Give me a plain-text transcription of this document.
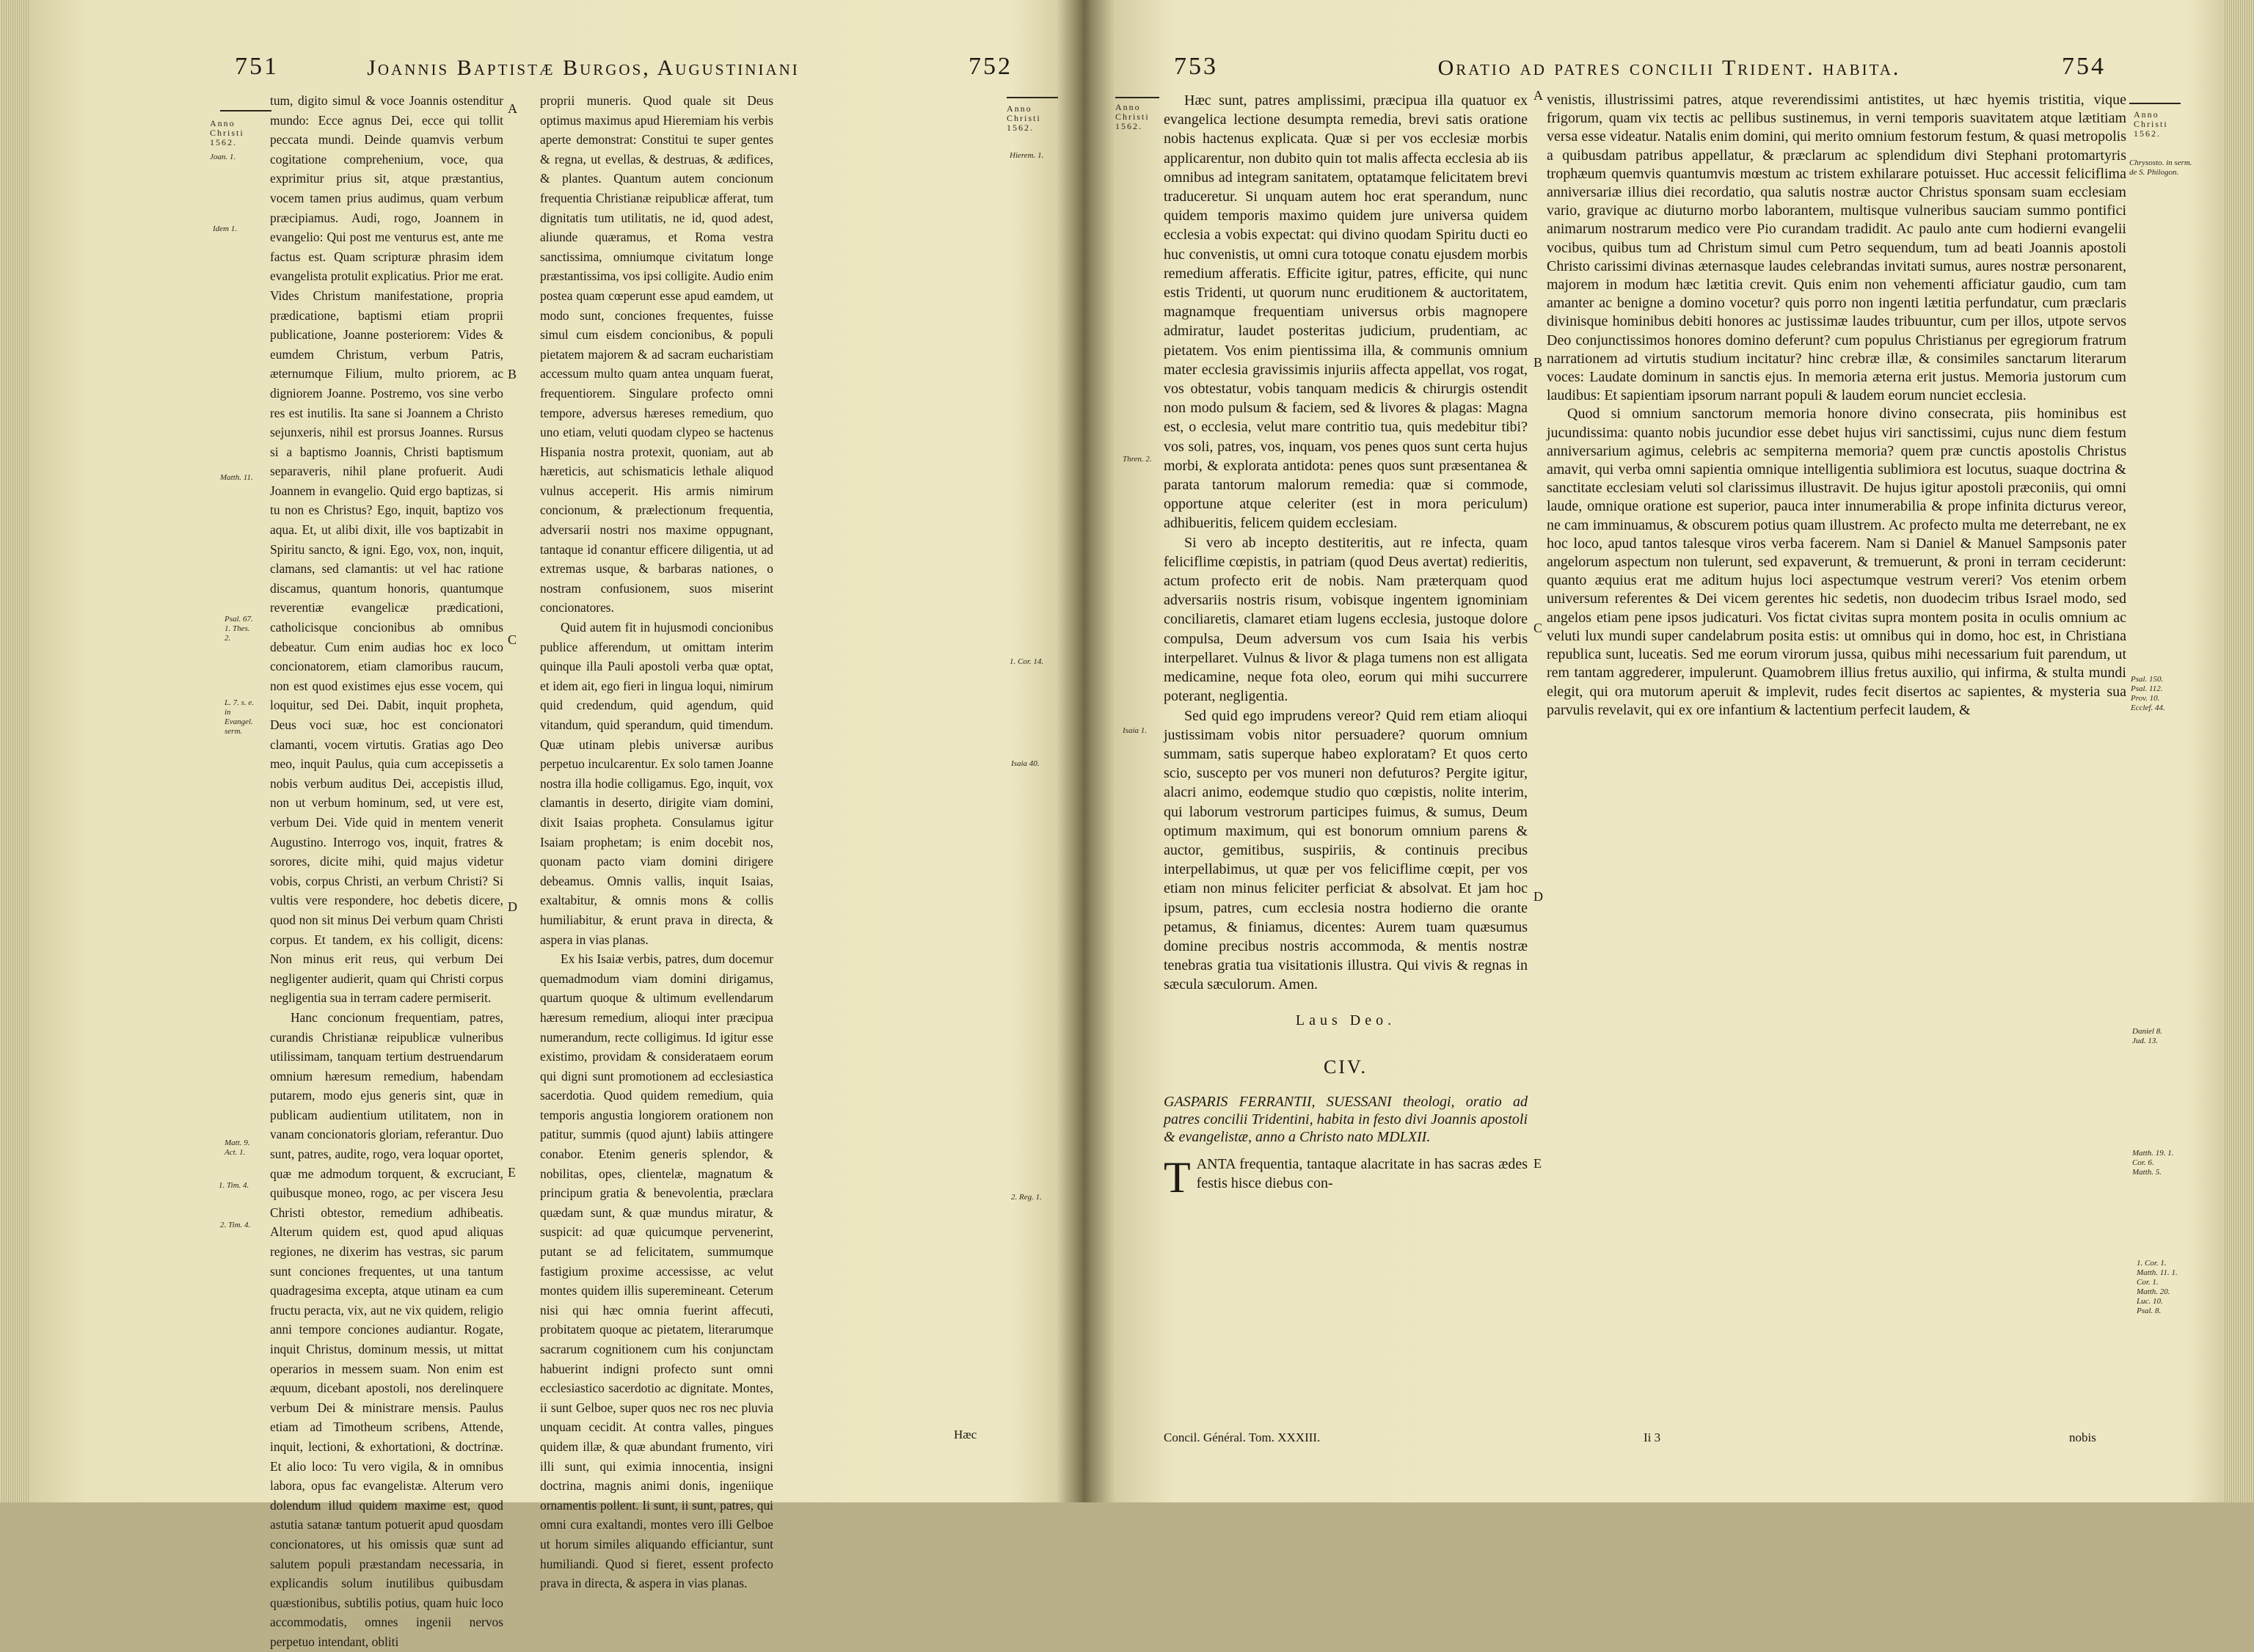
751	Joannis Baptistæ Burgos, Augustiniani	752
Anno Christi 1562.
Joan. 1.
Idem 1.
Matth. 11.
Psal. 67. 1. Thes. 2.
L. 7. s. e. in Evangel. serm.
Matt. 9. Act. 1.
1. Tim. 4.
2. Tim. 4.
Anno Christi 1562.
Hierem. 1.
1. Cor. 14.
Isaia 40.
2. Reg. 1.
A
B
C
D
E

tum, digito simul & voce Joannis ostenditur mundo: Ecce agnus Dei, ecce qui tollit peccata mundi. Deinde quamvis verbum cogitatione comprehenium, voce, qua exprimitur prius sit, atque præstantius, vocem tamen prius audimus, quam verbum præcipiamus. Audi, rogo, Joannem in evangelio: Qui post me venturus est, ante me factus est. Quam scripturæ phrasim idem evangelista protulit explicatius. Prior me erat. Vides Christum manifestatione, propria prædicatione, baptismi etiam proprii publicatione, Joanne posteriorem: Vides & eumdem Christum, verbum Patris, æternumque Filium, multo priorem, ac digniorem Joanne. Postremo, vos sine verbo res est inutilis. Ita sane si Joannem a Christo sejunxeris, nihil est prorsus Joannes. Rursus si a baptismo Joannis, Christi baptismum separaveris, nihil plane profuerit. Audi Joannem in evangelio. Quid ergo baptizas, si tu non es Christus? Ego, inquit, baptizo vos aqua. Et, ut alibi dixit, ille vos baptizabit in Spiritu sancto, & igni. Ego, vox, non, inquit, clamans, sed clamantis: ut vel hac ratione discamus, quantum honoris, quantumque reverentiæ evangelicæ prædicationi, catholicisque concionibus ab omnibus debeatur. Cum enim audias hoc ex loco concionatorem, etiam clamoribus raucum, non est quod existimes ejus esse vocem, qui loquitur, sed Dei. Dabit, inquit propheta, Deus voci suæ, hoc est concionatori clamanti, vocem virtutis. Gratias ago Deo meo, inquit Paulus, quia cum accepissetis a nobis verbum auditus Dei, accepistis illud, non ut verbum hominum, sed, ut vere est, verbum Dei. Vide quid in mentem venerit Augustino. Interrogo vos, inquit, fratres & sorores, dicite mihi, quid majus videtur vobis, corpus Christi, an verbum Christi? Si vultis vere respondere, hoc debetis dicere, quod non sit minus Dei verbum quam Christi corpus. Et tandem, ex his colligit, dicens: Non minus erit reus, qui verbum Dei negligenter audierit, quam qui Christi corpus negligentia sua in terram cadere permiserit.

Hanc concionum frequentiam, patres, curandis Christianæ reipublicæ vulneribus utilissimam, tanquam tertium destruendarum omnium hæresum remedium, habendam putarem, modo ejus generis sint, quæ in publicam audientium utilitatem, non in vanam concionatoris gloriam, referantur. Duo sunt, patres, audite, rogo, vera loquar oportet, quæ me admodum torquent, & excruciant, quibusque moneo, rogo, ac per viscera Jesu Christi obtestor, remedium adhibeatis. Alterum quidem est, quod apud aliquas regiones, ne dixerim has vestras, sic parum sunt conciones frequentes, ut una tantum quadragesima excepta, atque utinam ea cum fructu peracta, vix, aut ne vix quidem, religio anni tempore conciones audiantur. Rogate, inquit Christus, dominum messis, ut mittat operarios in messem suam. Non enim est æquum, dicebant apostoli, nos derelinquere verbum Dei & ministrare mensis. Paulus etiam ad Timotheum scribens, Attende, inquit, lectioni, & exhortationi, & doctrinæ. Et alio loco: Tu vero vigila, & in omnibus labora, opus fac evangelistæ. Alterum vero dolendum illud quidem maxime est, quod astutia satanæ tantum potuerit apud quosdam concionatores, ut his omissis quæ sunt ad salutem populi præstandam necessaria, in explicandis solum inutilibus quibusdam quæstionibus, subtilis potius, quam huic loco accommodatis, omnes ingenii nervos perpetuo intendant, obliti

proprii muneris. Quod quale sit Deus optimus maximus apud Hieremiam his verbis aperte demonstrat: Constitui te super gentes & regna, ut evellas, & destruas, & ædifices, & plantes. Quantum autem concionum frequentia Christianæ reipublicæ afferat, tum dignitatis tum utilitatis, ne id, quod adest, aliunde quæramus, et Roma vestra sanctissima, omniumque civitatum longe præstantissima, vos ipsi colligite. Audio enim postea quam cœperunt esse apud eamdem, ut modo sunt, conciones frequentes, fuisse simul cum eisdem concionibus, & populi pietatem majorem & ad sacram eucharistiam accessum multo quam antea unquam fuerat, frequentiorem. Singulare profecto omni tempore, adversus hæreses remedium, quo uno etiam, veluti quodam clypeo se hactenus Hispania nostra protexit, quoniam, aut ab hæreticis, aut schismaticis lethale aliquod vulnus acceperit. His armis nimirum concionum, & prælectionum frequentia, adversarii nostri nos maxime oppugnant, tantaque id conantur efficere diligentia, ut ad extremas usque, & barbaras nationes, o nostram confusionem, suos miserint concionatores.

Quid autem fit in hujusmodi concionibus publice afferendum, ut omittam interim quinque illa Pauli apostoli verba quæ optat, et idem ait, ego fieri in lingua loqui, nimirum quid credendum, quid agendum, quid vitandum, quid sperandum, quid timendum. Quæ utinam plebis universæ auribus perpetuo inculcarentur. Ex solo tamen Joanne nostra illa hodie colligamus. Ego, inquit, vox clamantis in deserto, dirigite viam domini, dixit Isaias propheta. Consulamus igitur Isaiam prophetam; is enim docebit nos, quonam pacto viam domini dirigere debeamus. Omnis vallis, inquit Isaias, exaltabitur, & omnis mons & collis humiliabitur, & erunt prava in directa, & aspera in vias planas.

Ex his Isaiæ verbis, patres, dum docemur quemadmodum viam domini dirigamus, quartum quoque & ultimum evellendarum hæresum remedium, alioqui inter præcipua numerandum, recte colligimus. Id igitur esse existimo, providam & considerataem eorum qui digni sunt promotionem ad ecclesiastica sacerdotia. Quod quidem remedium, quia temporis angustia longiorem orationem non patitur, summis (quod ajunt) labiis attingere conabor. Etenim generis splendor, & nobilitas, opes, clientelæ, magnatum & principum gratia & benevolentia, præclara quædam sunt, & quæ mundus miratur, & suspicit: ad quæ quicumque pervenerint, putant se ad felicitatem, summumque fastigium proxime accessisse, ac velut montes quidem illis superemineant. Ceterum nisi qui hæc omnia fuerint affecuti, probitatem quoque ac pietatem, literarumque sacrarum cognitionem cum his conjunctam habuerint indigni profecto sunt omni ecclesiastico sacerdotio ac dignitate. Montes, ii sunt Gelboe, super quos nec ros nec pluvia unquam cecidit. At contra valles, pingues quidem illæ, & quæ abundant frumento, viri illi sunt, qui eximia innocentia, insigni doctrina, magnis animi donis, ingeniique ornamentis pollent. Ii sunt, ii sunt, patres, qui omni cura exaltandi, montes vero illi Gelboe ut horum similes aliquando efficiantur, sunt humiliandi. Quod si fieret, essent profecto prava in directa, & aspera in vias planas.

Hæc
753	Oratio ad patres concilii Trident. habita.	754
Anno Christi 1562.
Thren. 2.
Isaia 1.
Anno Christi 1562.
Chrysosto. in serm. de S. Philogon.
Psal. 150. Psal. 112. Prov. 10. Ecclef. 44.
Daniel 8. Jud. 13.
Matth. 19. 1. Cor. 6. Matth. 5.
1. Cor. 1. Matth. 11. 1. Cor. 1. Matth. 20. Luc. 10. Psal. 8.
A
B
C
D
E

Hæc sunt, patres amplissimi, præcipua illa quatuor ex evangelica lectione desumpta remedia, brevi satis oratione nobis hactenus explicata. Quæ si per vos ecclesiæ morbis applicarentur, non dubito quin tot malis affecta ecclesia ab iis omnibus ad integram sanitatem, optatamque felicitatem brevi traduceretur. Si unquam autem hoc erat sperandum, nunc quidem temporis maximo quidem jure universa quidem ecclesia a vobis expectat: qui divino quodam Spiritu ducti eo huc convenistis, ut omni cura totoque conatu ejusdem morbis remedium afferatis. Efficite igitur, patres, efficite, qui nunc estis Tridenti, ut quorum nunc eruditionem & auctoritatem, magnamque frequentiam universus orbis magnopere admiratur, laudet posteritas judicium, prudentiam, ac pietatem. Vos enim pientissima illa, & communis omnium mater ecclesia gravissimis injuriis affecta appellat, vos rogat, vos obtestatur, vobis tanquam medicis & chirurgis ostendit non modo pulsum & faciem, sed & livores & plagas: Magna est, o ecclesia, velut mare contritio tua, quis medebitur tibi? vos soli, patres, vos, inquam, vos penes quos sunt certa hujus morbi, & explorata antidota: penes quos sunt præsentanea & parata tantorum malorum remedia: quæ si commode, opportune atque celeriter (est in mora periculum) adhibueritis, felicem quidem ecclesiam.

Si vero ab incepto destiteritis, aut re infecta, quam feliciflime cœpistis, in patriam (quod Deus avertat) redieritis, actum profecto erit de nobis. Nam præterquam quod adversariis nostris risum, vobisque ingentem ignominiam conciliaretis, clamaret etiam lugens ecclesia, justoque dolore compulsa, Deum adversum vos cum Isaia his verbis interpellaret. Vulnus & livor & plaga tumens non est alligata medicamine, neque fota oleo, eorum qui mihi succurrere poterant, negligentia.

Sed quid ego imprudens vereor? Quid rem etiam alioqui justissimam vobis nitor persuadere? quorum omnium summam, satis superque habeo exploratam? Et quos certo scio, suscepto per vos muneri non defuturos? Pergite igitur, alacri animo, eodemque studio quo cœpistis, nolite interim, qui laborum vestrorum participes fuimus, & sumus, Deum optimum maximum, qui est bonorum omnium parens & auctor, gemitibus, suspiriis, & continuis precibus interpellabimus, ut quæ per vos feliciflime cœpit, per vos etiam non minus feliciter perficiat & absolvat. Et jam hoc ipsum, patres, cum ecclesia nostra hodierno die orante petamus, & finiamus, dicentes: Aurem tuam quæsumus domine precibus nostris accommoda, & mentis nostræ tenebras gratia tua visitationis illustra. Qui vivis & regnas in sæcula sæculorum. Amen.

Laus Deo.

CIV.

GASPARIS FERRANTII, SUESSANI theologi, oratio ad patres concilii Tridentini, habita in festo divi Joannis apostoli & evangelistæ, anno a Christo nato MDLXII.

TANTA frequentia, tantaque alacritate in has sacras ædes festis hisce diebus con-

venistis, illustrissimi patres, atque reverendissimi antistites, ut hæc hyemis tristitia, vique frigorum, quam vix tectis ac pellibus sustinemus, in verni temporis suavitatem atque lætitiam versa esse videatur. Natalis enim domini, qui merito omnium festorum festum, & quasi metropolis a quibusdam patribus appellatur, & præclarum ac splendidum divi Stephani protomartyris trophæum quemvis quantumvis mœstum ac tristem exhilarare potuisset. Huc accessit feliciflima anniversariæ illius diei recordatio, qua salutis nostræ auctor Christus sponsam suam ecclesiam vario, gravique ac diuturno morbo laborantem, multisque vulneribus sauciam summo pontifici animarum nostrarum medico vere Pio curandam tradidit. Ac paulo ante cum hodierni evangelii vocibus, quibus tum ad Christum simul cum Petro sequendum, tum ad beati Joannis apostoli Christo carissimi divinas æternasque laudes celebrandas invitati sumus, aures nostræ personarent, majorem in modum hæc lætitia crevit. Quis enim non vehementi afficiatur gaudio, cum tam amanter ac benigne a domino vocetur? quis porro non ingenti lætitia perfundatur, cum præclaris divinisque hominibus debiti honores ac justissimæ laudes tribuuntur, cum per illos, utpote servos Deo conjunctissimos honores domino deferunt? cum populus Christianus per egregiorum fratrum narrationem ad virtutis studium incitatur? hinc crebræ illæ, & consimiles sanctarum literarum voces: Laudate dominum in sanctis ejus. In memoria æterna erit justus. Memoria justorum cum laudibus: Et sapientiam ipsorum narrant populi & laudem eorum nunciet ecclesia.

Quod si omnium sanctorum memoria honore divino consecrata, piis hominibus est jucundissima: quanto nobis jucundior esse debet hujus viri sanctissimi, cujus nunc diem festum anniversarium agimus, celebris ac sempiterna memoria? quem præ cunctis apostolis Christus amavit, qui verba omni sapientia omnique intelligentia sublimiora est locutus, suaque doctrina & sanctitate ecclesiam veluti sol clarissimus illustravit. De hujus igitur apostoli præconiis, qui omni laude, omnique oratione est superior, pauca inter innumerabilia & prope infinita dicturus vereor, ne cam imminuamus, & obscurem potius quam illustrem. Ac profecto multa me deterrebant, ne ex hoc loco, apud tantos talesque viros verba facerem. Nam si Daniel & Manuel Sampsonis pater angelorum aspectum non tulerunt, sed expaverunt, & tremuerunt, & proni in terram ceciderunt: quanto æquius erat me aditum hujus loci aspectumque vestrum vereri? Vos etenim orbem universum referentes & Dei vicem gerentes hic sedetis, non duodecim tribus Israel modo, sed angelos etiam pene ipsos judicaturi. Vos fictat civitas supra montem posita in oculis omnium ac veluti lux mundi super candelabrum posita estis: ut omnibus qui in domo, hoc est, in Christiana republica sunt, luceatis. Sed me eorum virorum jussa, quibus mihi necessarium fuit parendum, ut rem tantam aggrederer, impulerunt. Quamobrem illius fretus auxilio, qui infirma, & stulta mundi elegit, qui ora mutorum aperuit & implevit, rudes fecit disertos ac sapientes, & mysteria sua parvulis revelavit, qui ex ore infantium & lactentium perfecit laudem, &

Concil. Général. Tom. XXXIII.	Ii 3	nobis
